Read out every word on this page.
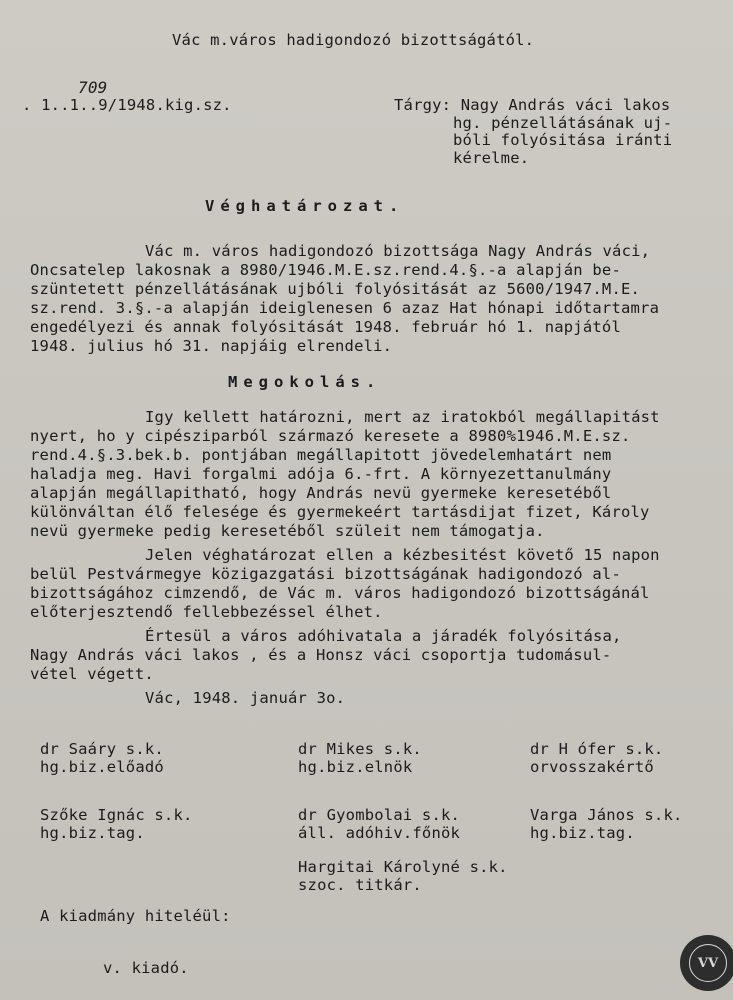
Vác m.város hadigondozó bizottságától.
709
. 1..1..9/1948.kig.sz.	Tárgy: Nagy András váci lakos
hg. pénzellátásának uj-
bóli folyósitása iránti
kérelme.
Véghatározat.
Vác m. város hadigondozó bizottsága Nagy András váci,
Oncsatelep lakosnak a 8980/1946.M.E.sz.rend.4.§.-a alapján be-
szüntetett pénzellátásának ujbóli folyósitását az 5600/1947.M.E.
sz.rend. 3.§.-a alapján ideiglenesen 6 azaz Hat hónapi időtartamra
engedélyezi és annak folyósitását 1948. február hó 1. napjától
1948. julius hó 31. napjáig elrendeli.
Megokolás.
Igy kellett határozni, mert az iratokból megállapitást
nyert, ho y cipésziparból származó keresete a 8980%1946.M.E.sz.
rend.4.§.3.bek.b. pontjában megállapitott jövedelemhatárt nem
haladja meg. Havi forgalmi adója 6.-frt. A környezettanulmány
alapján megállapitható, hogy András nevü gyermeke keresetéből
különváltan élő felesége és gyermekeért tartásdijat fizet, Károly
nevü gyermeke pedig keresetéből szüleit nem támogatja.
Jelen véghatározat ellen a kézbesitést követő 15 napon
belül Pestvármegye közigazgatási bizottságának hadigondozó al-
bizottságához cimzendő, de Vác m. város hadigondozó bizottságánál
előterjesztendő fellebbezéssel élhet.
Értesül a város adóhivatala a járadék folyósitása,
Nagy András váci lakos , és a Honsz váci csoportja tudomásul-
vétel végett.
Vác, 1948. január 3o.
dr Saáry s.k.
hg.biz.előadó
dr Mikes s.k.
hg.biz.elnök
dr H ófer s.k.
orvosszakértő
Szőke Ignác s.k.
hg.biz.tag.
dr Gyombolai s.k.
áll. adóhiv.főnök
Varga János s.k.
hg.biz.tag.
Hargitai Károlyné s.k.
szoc. titkár.
A kiadmány hiteléül:
v. kiadó.	VV
